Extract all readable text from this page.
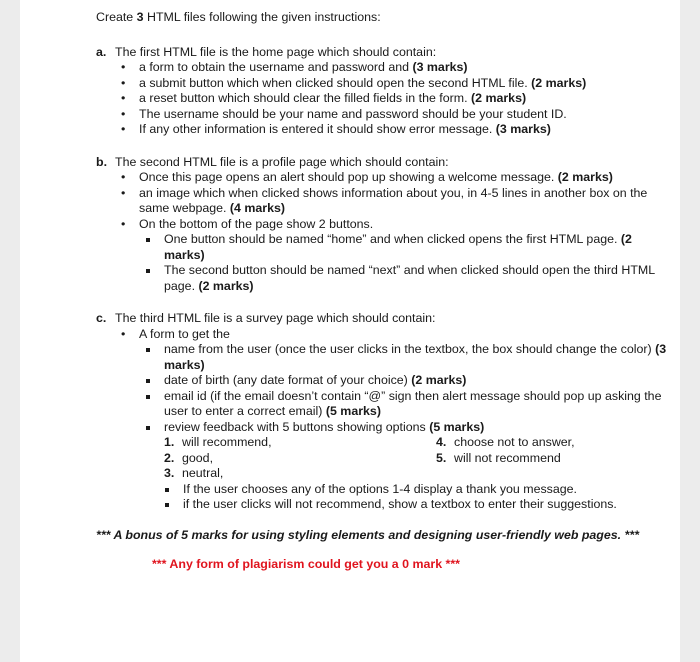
Create 3 HTML files following the given instructions:
a. The first HTML file is the home page which should contain:
• a form to obtain the username and password and (3 marks)
• a submit button which when clicked should open the second HTML file. (2 marks)
• a reset button which should clear the filled fields in the form. (2 marks)
• The username should be your name and password should be your student ID.
• If any other information is entered it should show error message. (3 marks)
b. The second HTML file is a profile page which should contain:
• Once this page opens an alert should pop up showing a welcome message. (2 marks)
• an image which when clicked shows information about you, in 4-5 lines in another box on the same webpage. (4 marks)
• On the bottom of the page show 2 buttons.
One button should be named “home” and when clicked opens the first HTML page. (2 marks)
The second button should be named “next” and when clicked should open the third HTML page. (2 marks)
c. The third HTML file is a survey page which should contain:
• A form to get the
name from the user (once the user clicks in the textbox, the box should change the color) (3 marks)
date of birth (any date format of your choice) (2 marks)
email id (if the email doesn’t contain “@” sign then alert message should pop up asking the user to enter a correct email) (5 marks)
review feedback with 5 buttons showing options (5 marks)
1. will recommend,	4. choose not to answer,
2. good,	5. will not recommend
3. neutral,
If the user chooses any of the options 1-4 display a thank you message.
if the user clicks will not recommend, show a textbox to enter their suggestions.
*** A bonus of 5 marks for using styling elements and designing user-friendly web pages. ***
*** Any form of plagiarism could get you a 0 mark ***
